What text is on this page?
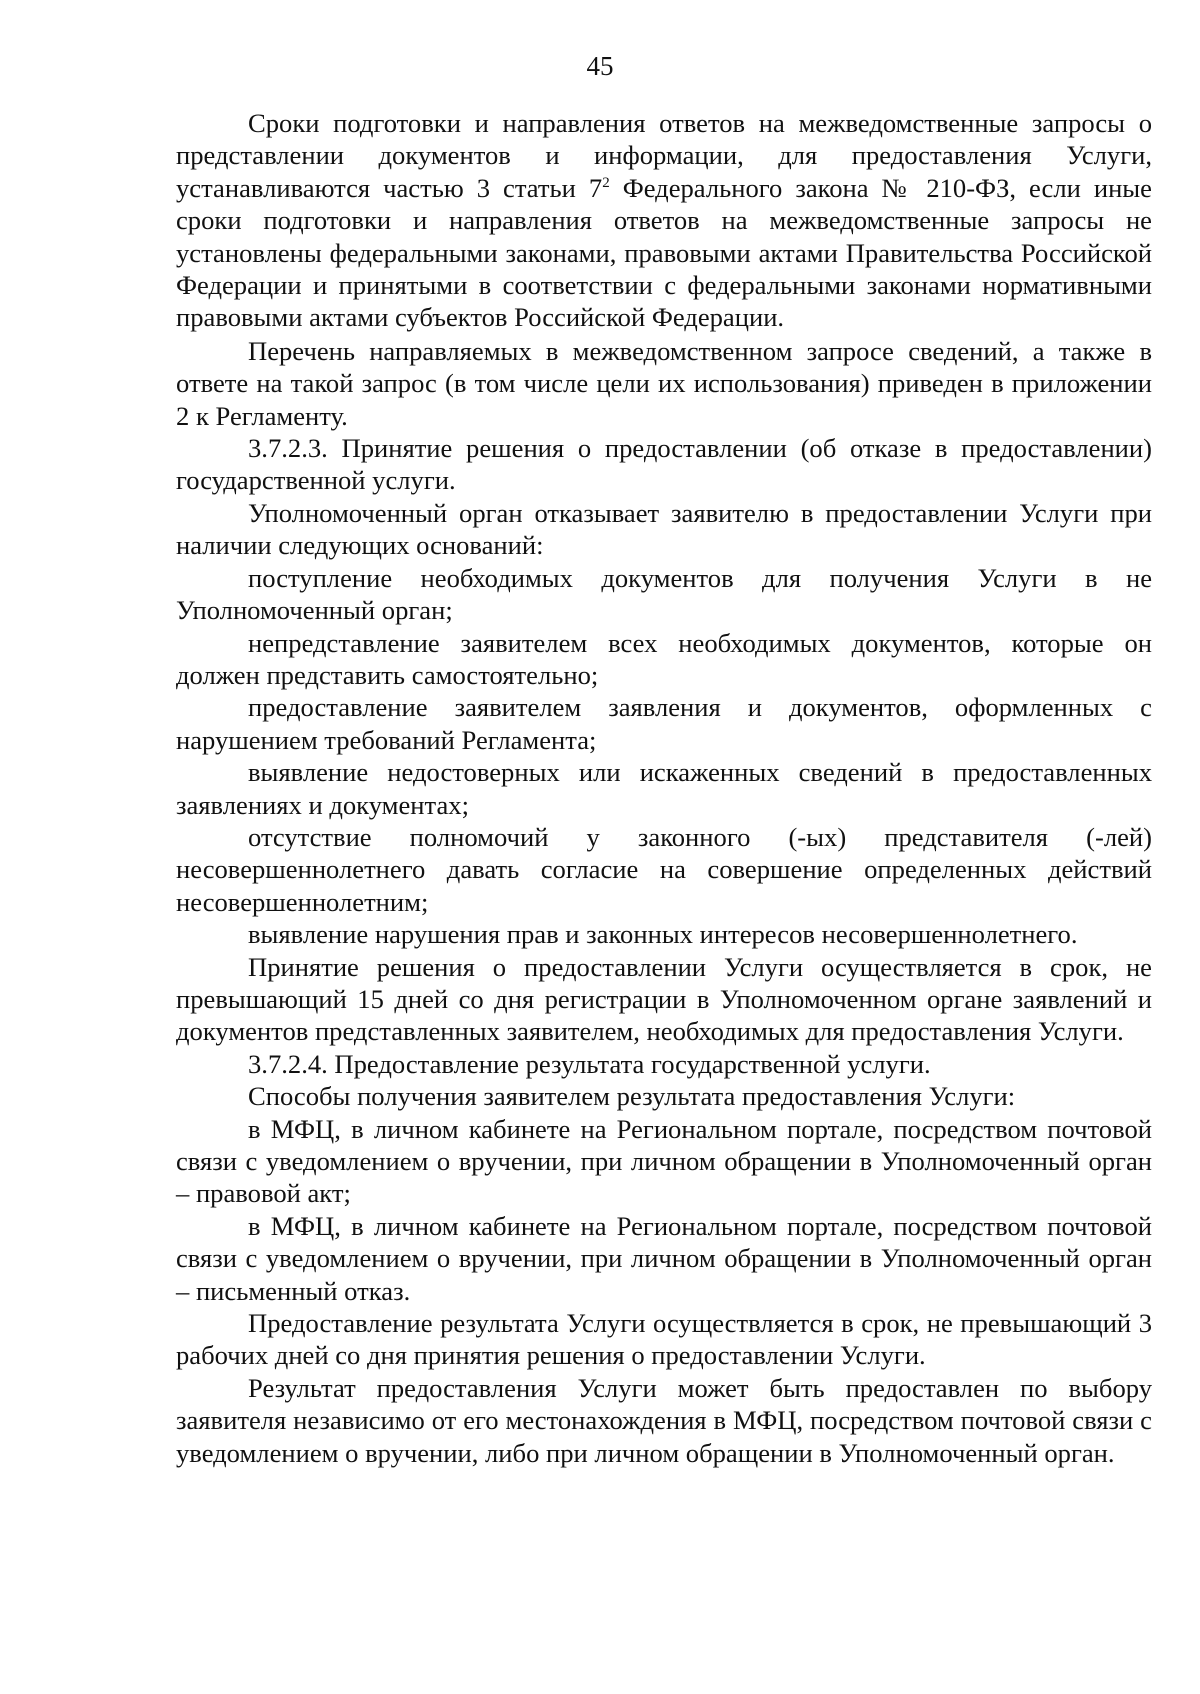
45

Сроки подготовки и направления ответов на межведомственные запросы о представлении документов и информации, для предоставления Услуги, устанавливаются частью 3 статьи $7^2$ Федерального закона № 210-ФЗ, если иные сроки подготовки и направления ответов на межведомственные запросы не установлены федеральными законами, правовыми актами Правительства Российской Федерации и принятыми в соответствии с федеральными законами нормативными правовыми актами субъектов Российской Федерации.

Перечень направляемых в межведомственном запросе сведений, а также в ответе на такой запрос (в том числе цели их использования) приведен в приложении 2 к Регламенту.

3.7.2.3. Принятие решения о предоставлении (об отказе в предоставлении) государственной услуги.

Уполномоченный орган отказывает заявителю в предоставлении Услуги при наличии следующих оснований:

поступление необходимых документов для получения Услуги в не Уполномоченный орган;

непредставление заявителем всех необходимых документов, которые он должен представить самостоятельно;

предоставление заявителем заявления и документов, оформленных с нарушением требований Регламента;

выявление недостоверных или искаженных сведений в предоставленных заявлениях и документах;

отсутствие полномочий у законного (-ых) представителя (-лей) несовершеннолетнего давать согласие на совершение определенных действий несовершеннолетним;

выявление нарушения прав и законных интересов несовершеннолетнего.

Принятие решения о предоставлении Услуги осуществляется в срок, не превышающий 15 дней со дня регистрации в Уполномоченном органе заявлений и документов представленных заявителем, необходимых для предоставления Услуги.

3.7.2.4. Предоставление результата государственной услуги.

Способы получения заявителем результата предоставления Услуги:

в МФЦ, в личном кабинете на Региональном портале, посредством почтовой связи с уведомлением о вручении, при личном обращении в Уполномоченный орган – правовой акт;

в МФЦ, в личном кабинете на Региональном портале, посредством почтовой связи с уведомлением о вручении, при личном обращении в Уполномоченный орган – письменный отказ.

Предоставление результата Услуги осуществляется в срок, не превышающий 3 рабочих дней со дня принятия решения о предоставлении Услуги.

Результат предоставления Услуги может быть предоставлен по выбору заявителя независимо от его местонахождения в МФЦ, посредством почтовой связи с уведомлением о вручении, либо при личном обращении в Уполномоченный орган.
